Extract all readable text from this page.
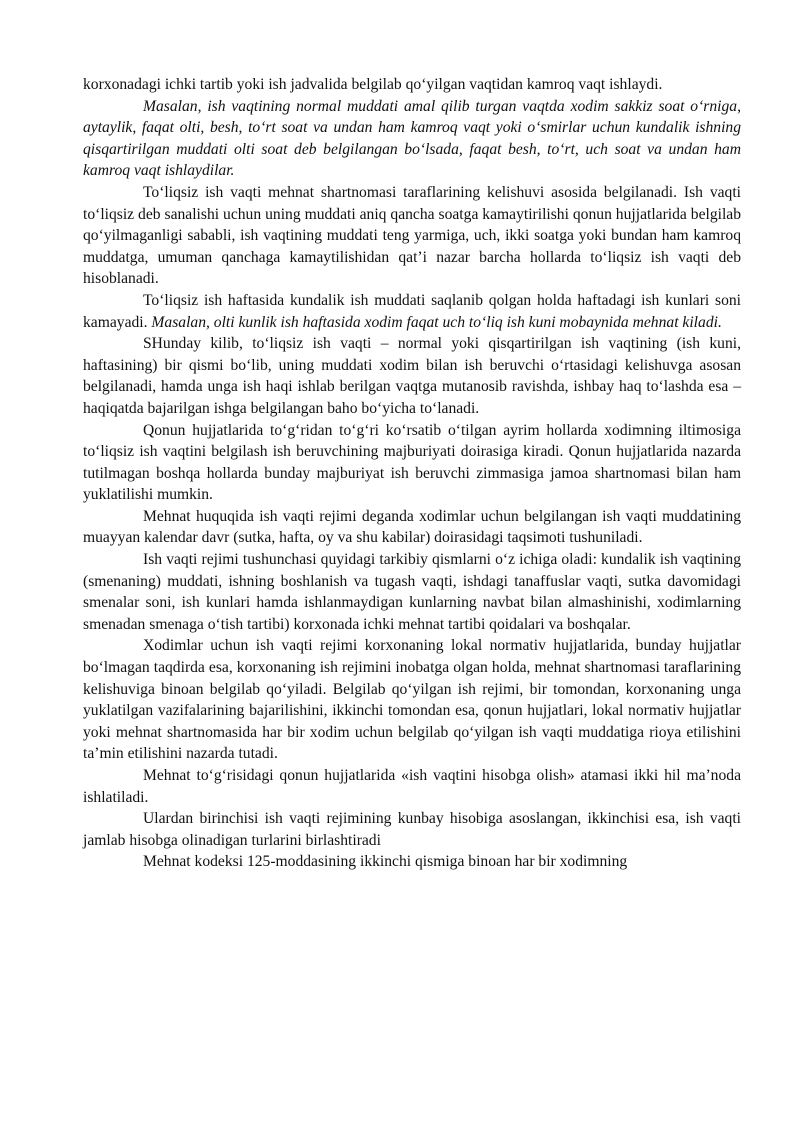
korxonadagi ichki tartib yoki ish jadvalida belgilab qo‘yilgan vaqtidan kamroq vaqt ishlaydi.

Masalan, ish vaqtining normal muddati amal qilib turgan vaqtda xodim sakkiz soat o‘rniga, aytaylik, faqat olti, besh, to‘rt soat va undan ham kamroq vaqt yoki o‘smirlar uchun kundalik ishning qisqartirilgan muddati olti soat deb belgilangan bo‘lsada, faqat besh, to‘rt, uch soat va undan ham kamroq vaqt ishlaydilar.

To‘liqsiz ish vaqti mehnat shartnomasi taraflarining kelishuvi asosida belgilanadi. Ish vaqti to‘liqsiz deb sanalishi uchun uning muddati aniq qancha soatga kamaytirilishi qonun hujjatlarida belgilab qo‘yilmaganligi sababli, ish vaqtining muddati teng yarmiga, uch, ikki soatga yoki bundan ham kamroq muddatga, umuman qanchaga kamaytilishidan qat’i nazar barcha hollarda to‘liqsiz ish vaqti deb hisoblanadi.

To‘liqsiz ish haftasida kundalik ish muddati saqlanib qolgan holda haftadagi ish kunlari soni kamayadi. Masalan, olti kunlik ish haftasida xodim faqat uch to‘liq ish kuni mobaynida mehnat kiladi.

SHunday kilib, to‘liqsiz ish vaqti – normal yoki qisqartirilgan ish vaqtining (ish kuni, haftasining) bir qismi bo‘lib, uning muddati xodim bilan ish beruvchi o‘rtasidagi kelishuvga asosan belgilanadi, hamda unga ish haqi ishlab berilgan vaqtga mutanosib ravishda, ishbay haq to‘lashda esa – haqiqatda bajarilgan ishga belgilangan baho bo‘yicha to‘lanadi.

Qonun hujjatlarida to‘g‘ridan to‘g‘ri ko‘rsatib o‘tilgan ayrim hollarda xodimning iltimosiga to‘liqsiz ish vaqtini belgilash ish beruvchining majburiyati doirasiga kiradi. Qonun hujjatlarida nazarda tutilmagan boshqa hollarda bunday majburiyat ish beruvchi zimmasiga jamoa shartnomasi bilan ham yuklatilishi mumkin.

Mehnat huquqida ish vaqti rejimi deganda xodimlar uchun belgilangan ish vaqti muddatining muayyan kalendar davr (sutka, hafta, oy va shu kabilar) doirasidagi taqsimoti tushuniladi.

Ish vaqti rejimi tushunchasi quyidagi tarkibiy qismlarni o‘z ichiga oladi: kundalik ish vaqtining (smenaning) muddati, ishning boshlanish va tugash vaqti, ishdagi tanaffuslar vaqti, sutka davomidagi smenalar soni, ish kunlari hamda ishlanmaydigan kunlarning navbat bilan almashinishi, xodimlarning smenadan smenaga o‘tish tartibi) korxonada ichki mehnat tartibi qoidalari va boshqalar.

Xodimlar uchun ish vaqti rejimi korxonaning lokal normativ hujjatlarida, bunday hujjatlar bo‘lmagan taqdirda esa, korxonaning ish rejimini inobatga olgan holda, mehnat shartnomasi taraflarining kelishuviga binoan belgilab qo‘yiladi. Belgilab qo‘yilgan ish rejimi, bir tomondan, korxonaning unga yuklatilgan vazifalarining bajarilishini, ikkinchi tomondan esa, qonun hujjatlari, lokal normativ hujjatlar yoki mehnat shartnomasida har bir xodim uchun belgilab qo‘yilgan ish vaqti muddatiga rioya etilishini ta’min etilishini nazarda tutadi.

Mehnat to‘g‘risidagi qonun hujjatlarida «ish vaqtini hisobga olish» atamasi ikki hil ma’noda ishlatiladi.

Ulardan birinchisi ish vaqti rejimining kunbay hisobiga asoslangan, ikkinchisi esa, ish vaqti jamlab hisobga olinadigan turlarini birlashtiradi

Mehnat kodeksi 125-moddasining ikkinchi qismiga binoan har bir xodimning
